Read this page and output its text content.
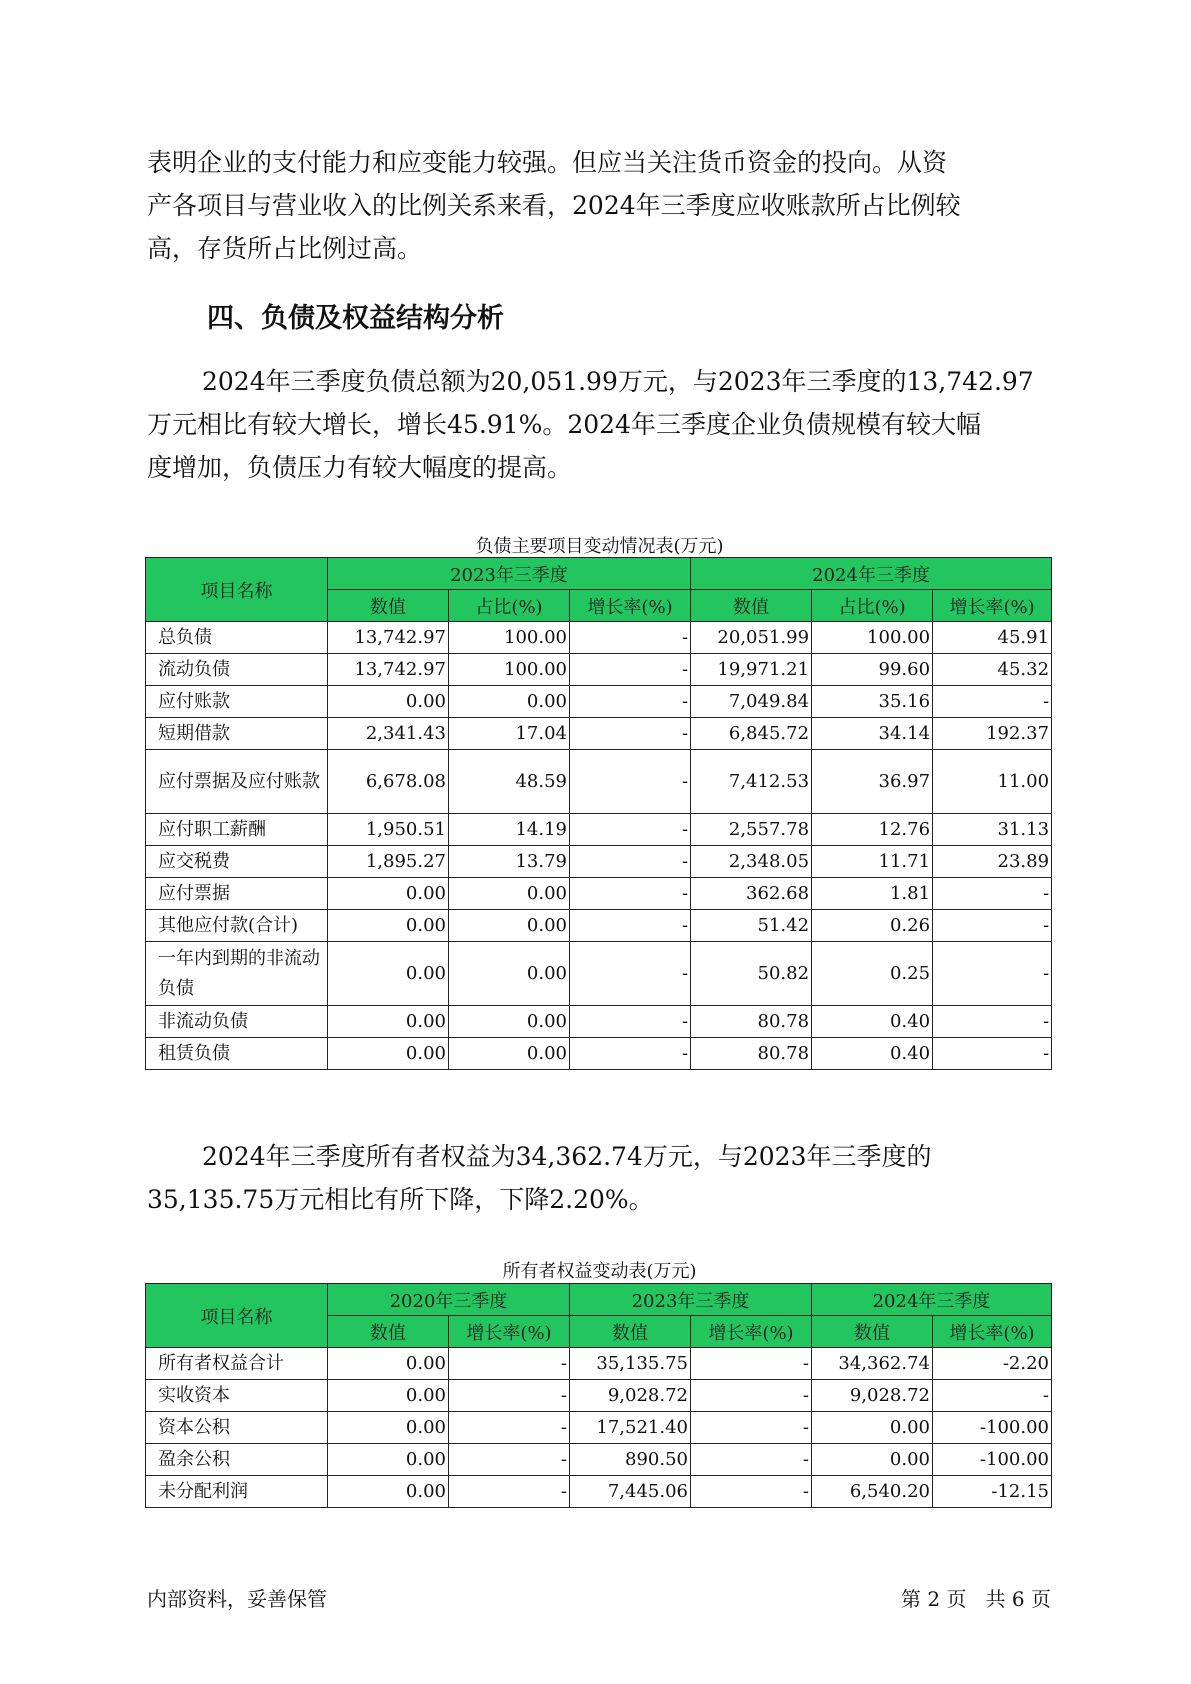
表明企业的支付能力和应变能力较强。但应当关注货币资金的投向。从资
产各项目与营业收入的比例关系来看，2024年三季度应收账款所占比例较
高，存货所占比例过高。

四、负债及权益结构分析

2024年三季度负债总额为20,051.99万元，与2023年三季度的13,742.97
万元相比有较大增长，增长45.91%。2024年三季度企业负债规模有较大幅
度增加，负债压力有较大幅度的提高。

负债主要项目变动情况表(万元)
项目名称	2023年三季度			2024年三季度		
	数值	占比(%)	增长率(%)	数值	占比(%)	增长率(%)
总负债	13,742.97	100.00	-	20,051.99	100.00	45.91
流动负债	13,742.97	100.00	-	19,971.21	99.60	45.32
应付账款	0.00	0.00	-	7,049.84	35.16	-
短期借款	2,341.43	17.04	-	6,845.72	34.14	192.37
应付票据及应付账款	6,678.08	48.59	-	7,412.53	36.97	11.00
应付职工薪酬	1,950.51	14.19	-	2,557.78	12.76	31.13
应交税费	1,895.27	13.79	-	2,348.05	11.71	23.89
应付票据	0.00	0.00	-	362.68	1.81	-
其他应付款(合计)	0.00	0.00	-	51.42	0.26	-
一年内到期的非流动负债	0.00	0.00	-	50.82	0.25	-
非流动负债	0.00	0.00	-	80.78	0.40	-
租赁负债	0.00	0.00	-	80.78	0.40	-

2024年三季度所有者权益为34,362.74万元，与2023年三季度的
35,135.75万元相比有所下降，下降2.20%。

所有者权益变动表(万元)
项目名称	2020年三季度		2023年三季度		2024年三季度	
	数值	增长率(%)	数值	增长率(%)	数值	增长率(%)
所有者权益合计	0.00	-	35,135.75	-	34,362.74	-2.20
实收资本	0.00	-	9,028.72	-	9,028.72	-
资本公积	0.00	-	17,521.40	-	0.00	-100.00
盈余公积	0.00	-	890.50	-	0.00	-100.00
未分配利润	0.00	-	7,445.06	-	6,540.20	-12.15
内部资料，妥善保管	第 2 页   共 6 页
